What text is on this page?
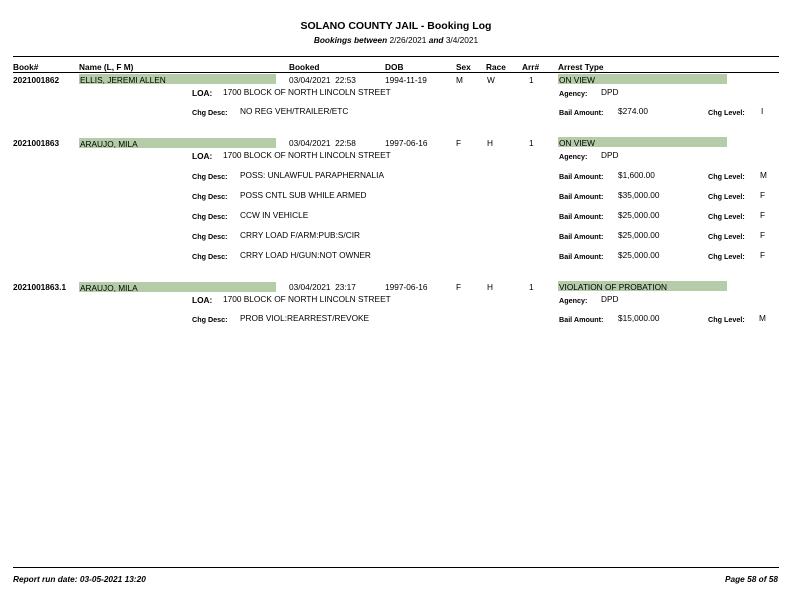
SOLANO COUNTY JAIL - Booking Log
Bookings between 2/26/2021 and 3/4/2021
Book#	Name (L, F M)	Booked	DOB	Sex Race Arr# Arrest Type
2021001862	ELLIS, JEREMI ALLEN	03/04/2021  22:53	1994-11-19	M	W	1	ON VIEW
LOA: 1700 BLOCK OF NORTH LINCOLN STREET	Agency: DPD
Chg Desc: NO REG VEH/TRAILER/ETC	Bail Amount: $274.00	Chg Level: I
2021001863	ARAUJO, MILA	03/04/2021  22:58	1997-06-16	F	H	1	ON VIEW
LOA: 1700 BLOCK OF NORTH LINCOLN STREET	Agency: DPD
Chg Desc: POSS: UNLAWFUL PARAPHERNALIA	Bail Amount: $1,600.00	Chg Level: M
Chg Desc: POSS CNTL SUB WHILE ARMED	Bail Amount: $35,000.00	Chg Level: F
Chg Desc: CCW IN VEHICLE	Bail Amount: $25,000.00	Chg Level: F
Chg Desc: CRRY LOAD F/ARM:PUB:S/CIR	Bail Amount: $25,000.00	Chg Level: F
Chg Desc: CRRY LOAD H/GUN:NOT OWNER	Bail Amount: $25,000.00	Chg Level: F
2021001863.1 ARAUJO, MILA	03/04/2021  23:17	1997-06-16	F	H	1	VIOLATION OF PROBATION
LOA: 1700 BLOCK OF NORTH LINCOLN STREET	Agency: DPD
Chg Desc: PROB VIOL:REARREST/REVOKE	Bail Amount: $15,000.00	Chg Level: M
Report run date: 03-05-2021 13:20	Page 58 of 58
